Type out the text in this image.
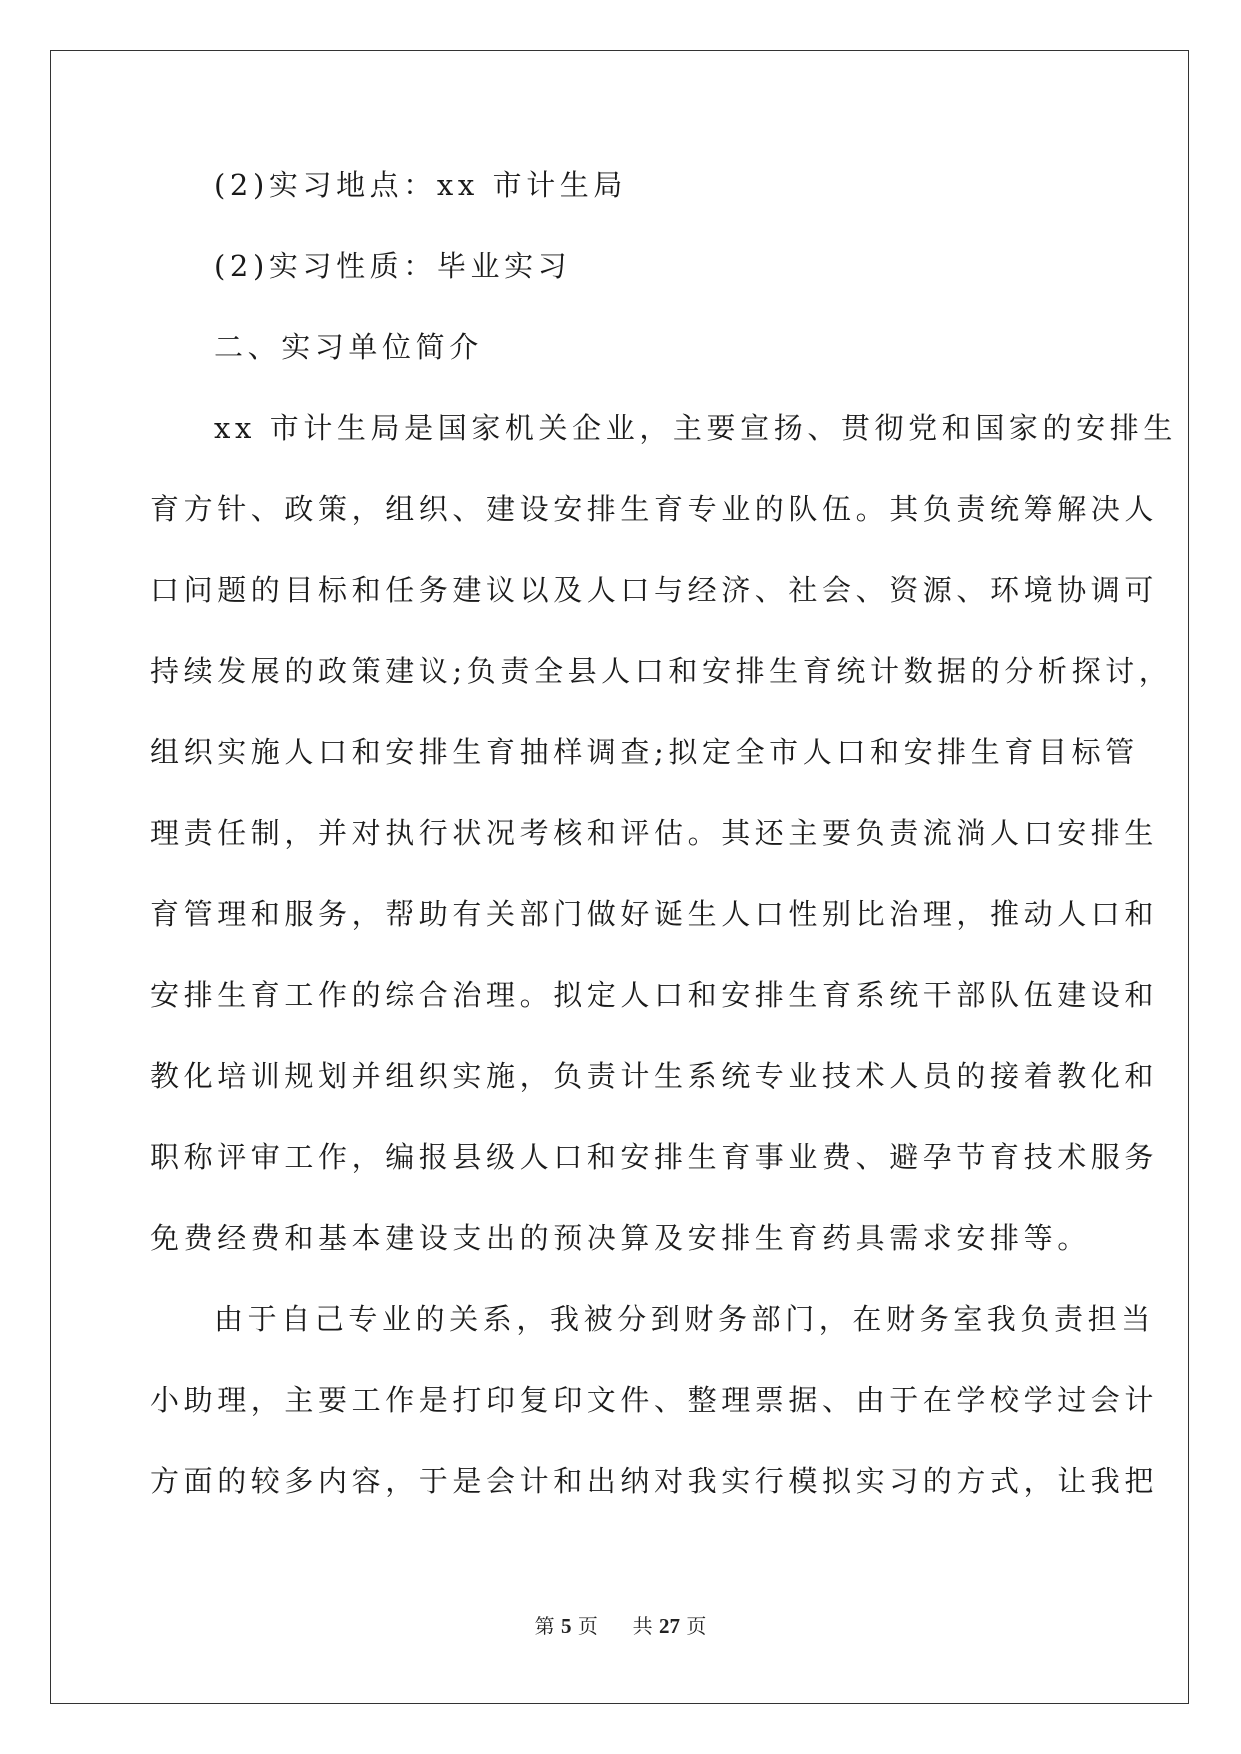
(2)实习地点：xx 市计生局
(2)实习性质：毕业实习
二、实习单位简介
xx 市计生局是国家机关企业，主要宣扬、贯彻党和国家的安排生
育方针、政策，组织、建设安排生育专业的队伍。其负责统筹解决人
口问题的目标和任务建议以及人口与经济、社会、资源、环境协调可
持续发展的政策建议;负责全县人口和安排生育统计数据的分析探讨，
组织实施人口和安排生育抽样调查;拟定全市人口和安排生育目标管
理责任制，并对执行状况考核和评估。其还主要负责流淌人口安排生
育管理和服务，帮助有关部门做好诞生人口性别比治理，推动人口和
安排生育工作的综合治理。拟定人口和安排生育系统干部队伍建设和
教化培训规划并组织实施，负责计生系统专业技术人员的接着教化和
职称评审工作，编报县级人口和安排生育事业费、避孕节育技术服务
免费经费和基本建设支出的预决算及安排生育药具需求安排等。
由于自己专业的关系，我被分到财务部门，在财务室我负责担当
小助理，主要工作是打印复印文件、整理票据、由于在学校学过会计
方面的较多内容，于是会计和出纳对我实行模拟实习的方式，让我把
第 5 页 共 27 页
